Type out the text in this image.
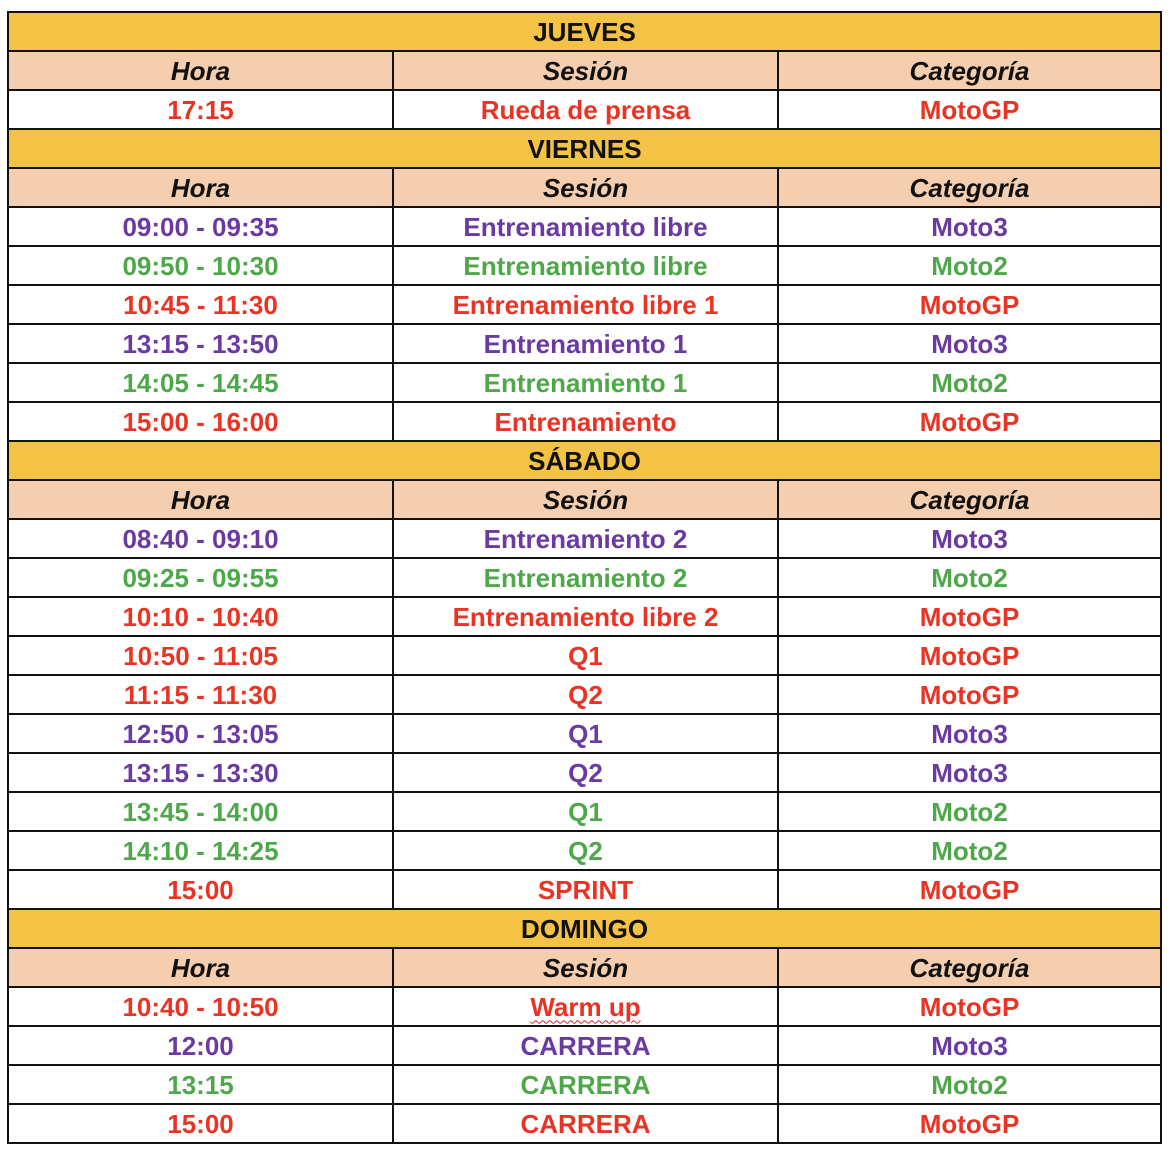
JUEVES		
Hora	Sesión	Categoría
17:15	Rueda de prensa	MotoGP
VIERNES		
Hora	Sesión	Categoría
09:00 - 09:35	Entrenamiento libre	Moto3
09:50 - 10:30	Entrenamiento libre	Moto2
10:45 - 11:30	Entrenamiento libre 1	MotoGP
13:15 - 13:50	Entrenamiento 1	Moto3
14:05 - 14:45	Entrenamiento 1	Moto2
15:00 - 16:00	Entrenamiento	MotoGP
SÁBADO		
Hora	Sesión	Categoría
08:40 - 09:10	Entrenamiento 2	Moto3
09:25 - 09:55	Entrenamiento 2	Moto2
10:10 - 10:40	Entrenamiento libre 2	MotoGP
10:50 - 11:05	Q1	MotoGP
11:15 - 11:30	Q2	MotoGP
12:50 - 13:05	Q1	Moto3
13:15 - 13:30	Q2	Moto3
13:45 - 14:00	Q1	Moto2
14:10 - 14:25	Q2	Moto2
15:00	SPRINT	MotoGP
DOMINGO		
Hora	Sesión	Categoría
10:40 - 10:50	Warm up	MotoGP
12:00	CARRERA	Moto3
13:15	CARRERA	Moto2
15:00	CARRERA	MotoGP
